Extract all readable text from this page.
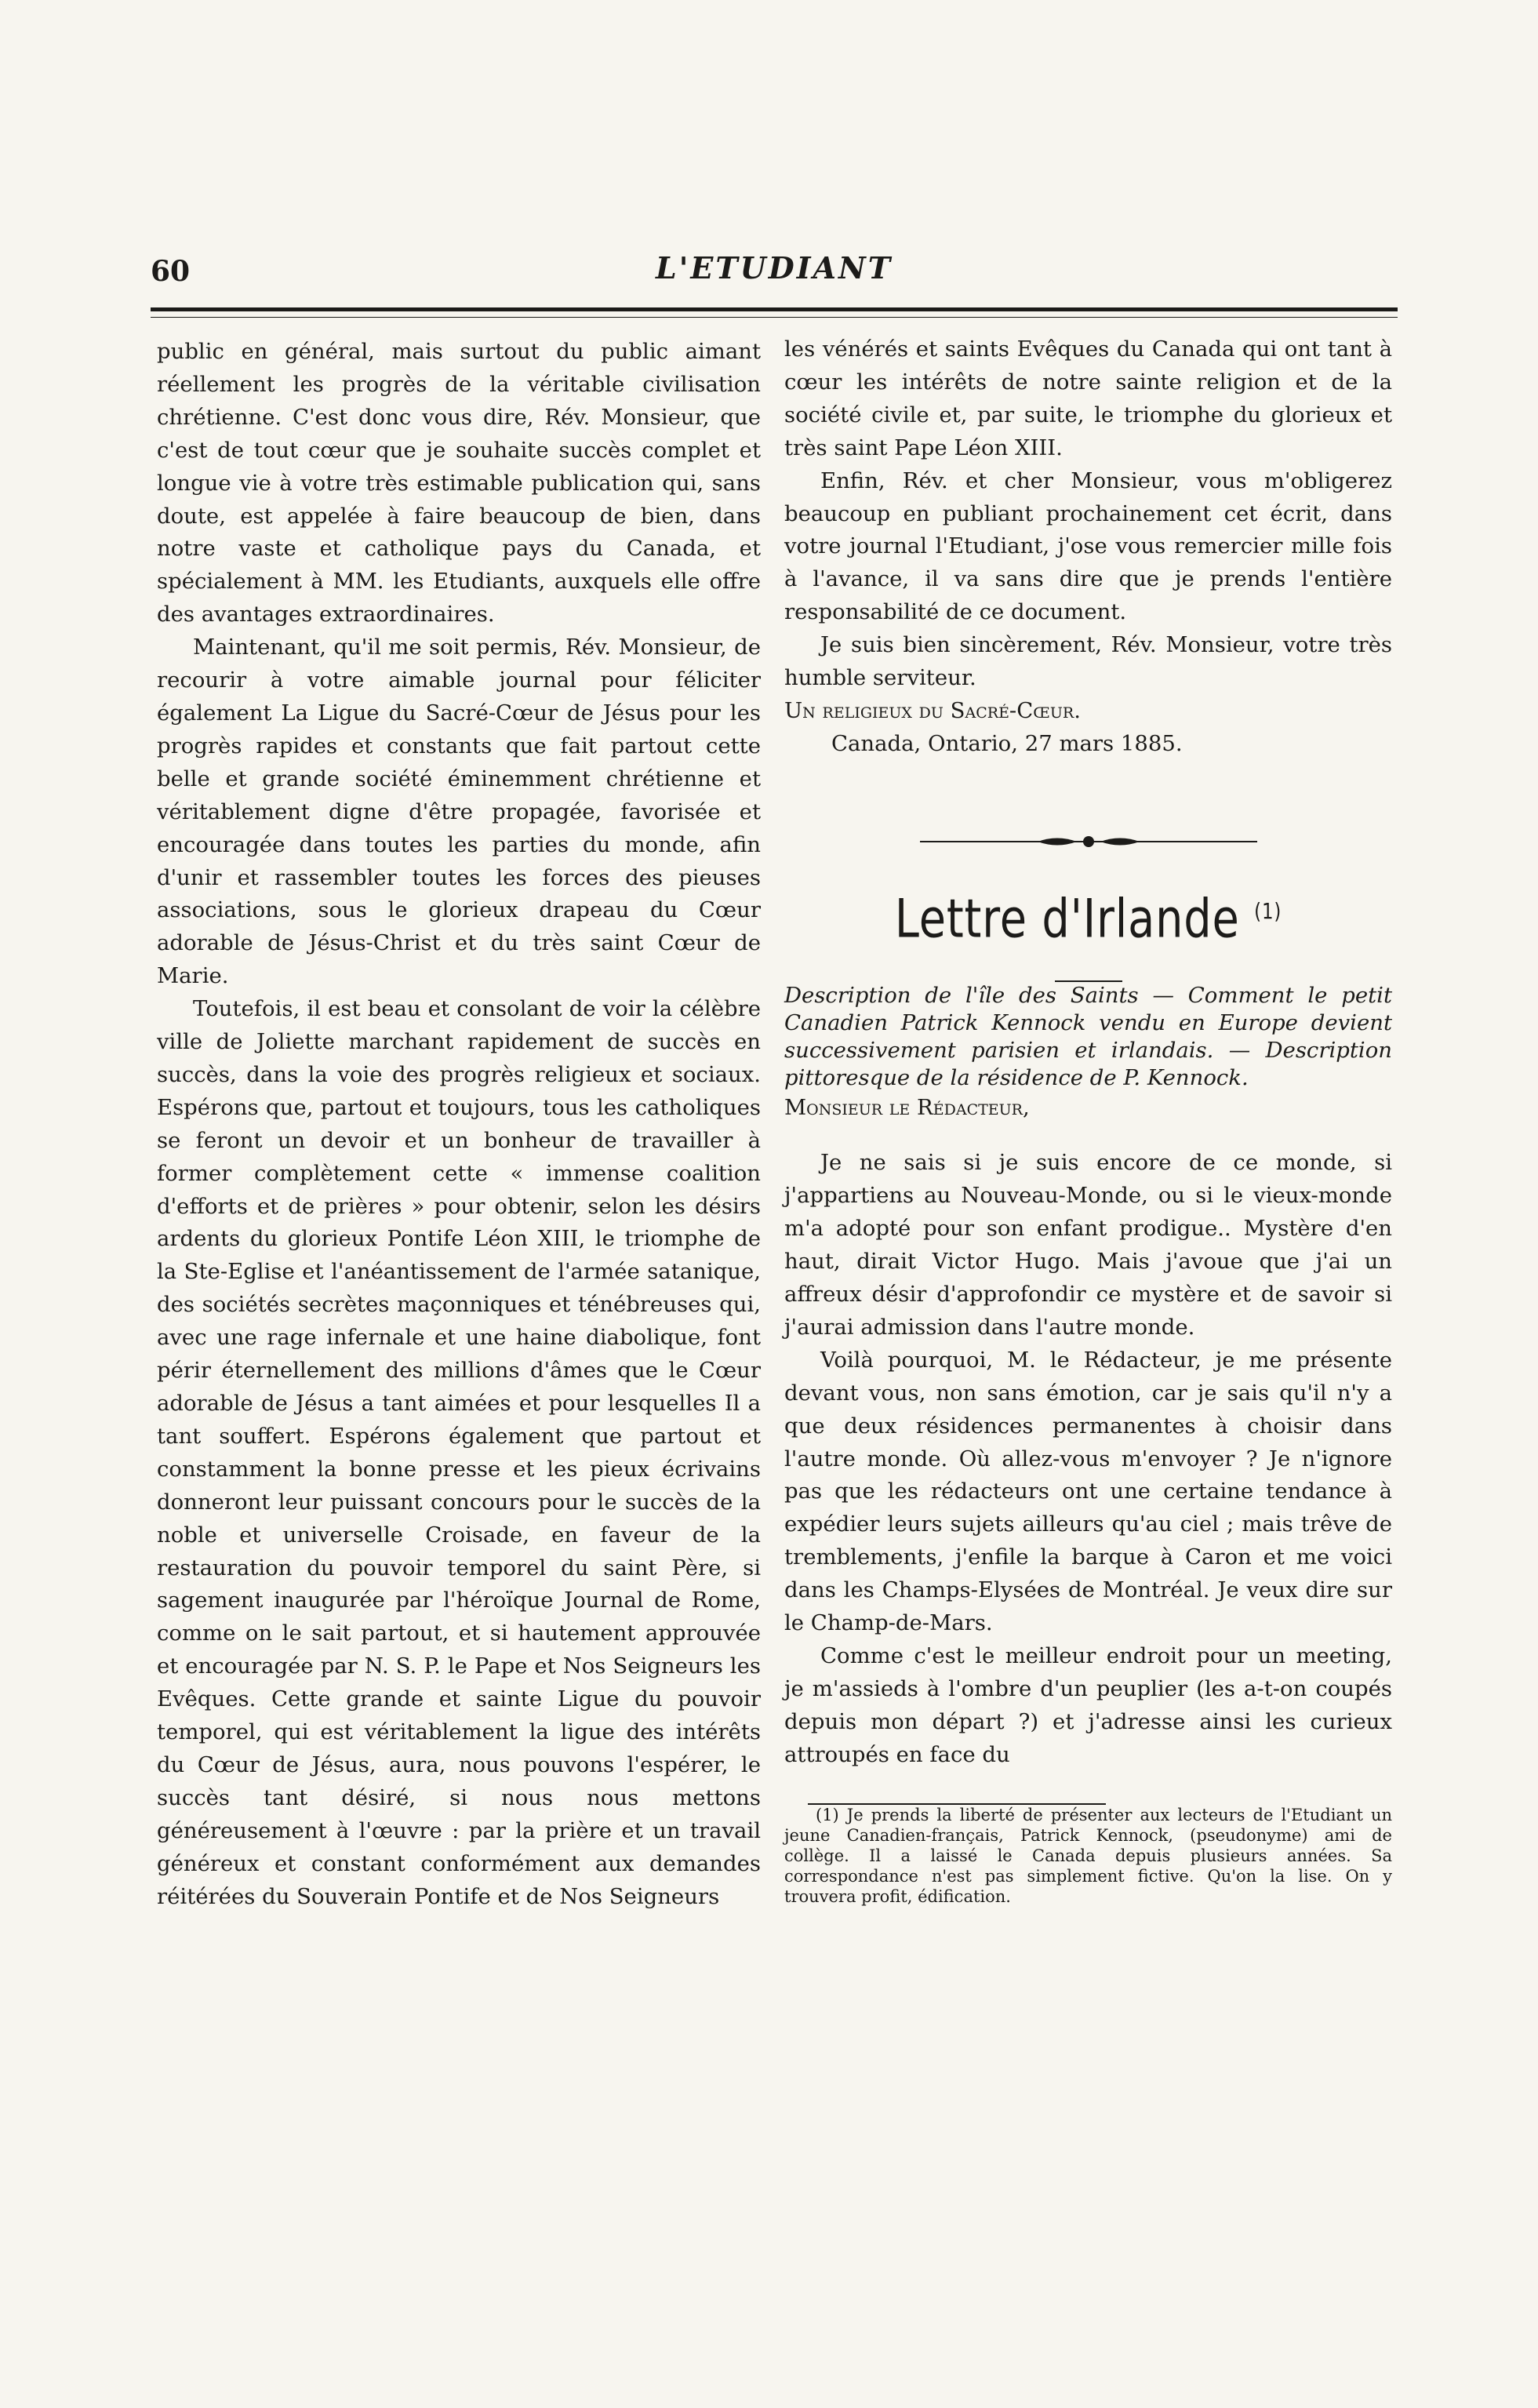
60	L'ETUDIANT

public en général, mais surtout du public aimant réellement les progrès de la véritable civilisation chrétienne. C'est donc vous dire, Rév. Monsieur, que c'est de tout cœur que je souhaite succès complet et longue vie à votre très estimable publication qui, sans doute, est appelée à faire beaucoup de bien, dans notre vaste et catholique pays du Canada, et spécialement à MM. les Etudiants, auxquels elle offre des avantages extraordinaires.

Maintenant, qu'il me soit permis, Rév. Monsieur, de recourir à votre aimable journal pour féliciter également La Ligue du Sacré-Cœur de Jésus pour les progrès rapides et constants que fait partout cette belle et grande société éminemment chrétienne et véritablement digne d'être propagée, favorisée et encouragée dans toutes les parties du monde, afin d'unir et rassembler toutes les forces des pieuses associations, sous le glorieux drapeau du Cœur adorable de Jésus-Christ et du très saint Cœur de Marie.

Toutefois, il est beau et consolant de voir la célèbre ville de Joliette marchant rapidement de succès en succès, dans la voie des progrès religieux et sociaux. Espérons que, partout et toujours, tous les catholiques se feront un devoir et un bonheur de travailler à former complètement cette « immense coalition d'efforts et de prières » pour obtenir, selon les désirs ardents du glorieux Pontife Léon XIII, le triomphe de la Ste-Eglise et l'anéantissement de l'armée satanique, des sociétés secrètes maçonniques et ténébreuses qui, avec une rage infernale et une haine diabolique, font périr éternellement des millions d'âmes que le Cœur adorable de Jésus a tant aimées et pour lesquelles Il a tant souffert. Espérons également que partout et constamment la bonne presse et les pieux écrivains donneront leur puissant concours pour le succès de la noble et universelle Croisade, en faveur de la restauration du pouvoir temporel du saint Père, si sagement inaugurée par l'héroïque Journal de Rome, comme on le sait partout, et si hautement approuvée et encouragée par N. S. P. le Pape et Nos Seigneurs les Evêques. Cette grande et sainte Ligue du pouvoir temporel, qui est véritablement la ligue des intérêts du Cœur de Jésus, aura, nous pouvons l'espérer, le succès tant désiré, si nous nous mettons généreusement à l'œuvre : par la prière et un travail généreux et constant conformément aux demandes réitérées du Souverain Pontife et de Nos Seigneurs

les vénérés et saints Evêques du Canada qui ont tant à cœur les intérêts de notre sainte religion et de la société civile et, par suite, le triomphe du glorieux et très saint Pape Léon XIII.

Enfin, Rév. et cher Monsieur, vous m'obligerez beaucoup en publiant prochainement cet écrit, dans votre journal l'Etudiant, j'ose vous remercier mille fois à l'avance, il va sans dire que je prends l'entière responsabilité de ce document.

Je suis bien sincèrement, Rév. Monsieur, votre très humble serviteur.

Un religieux du Sacré-Cœur.

Canada, Ontario, 27 mars 1885.

Lettre d'Irlande $^{(1)}$

Description de l'île des Saints — Comment le petit Canadien Patrick Kennock vendu en Europe devient successivement parisien et irlandais. — Description pittoresque de la résidence de P. Kennock.

Monsieur le Rédacteur,

Je ne sais si je suis encore de ce monde, si j'appartiens au Nouveau-Monde, ou si le vieux-monde m'a adopté pour son enfant prodigue.. Mystère d'en haut, dirait Victor Hugo. Mais j'avoue que j'ai un affreux désir d'approfondir ce mystère et de savoir si j'aurai admission dans l'autre monde.

Voilà pourquoi, M. le Rédacteur, je me présente devant vous, non sans émotion, car je sais qu'il n'y a que deux résidences permanentes à choisir dans l'autre monde. Où allez-vous m'envoyer ? Je n'ignore pas que les rédacteurs ont une certaine tendance à expédier leurs sujets ailleurs qu'au ciel ; mais trêve de tremblements, j'enfile la barque à Caron et me voici dans les Champs-Elysées de Montréal. Je veux dire sur le Champ-de-Mars.

Comme c'est le meilleur endroit pour un meeting, je m'assieds à l'ombre d'un peuplier (les a-t-on coupés depuis mon départ ?) et j'adresse ainsi les curieux attroupés en face du

(1) Je prends la liberté de présenter aux lecteurs de l'Etudiant un jeune Canadien-français, Patrick Kennock, (pseudonyme) ami de collège. Il a laissé le Canada depuis plusieurs années. Sa correspondance n'est pas simplement fictive. Qu'on la lise. On y trouvera profit, édification.
